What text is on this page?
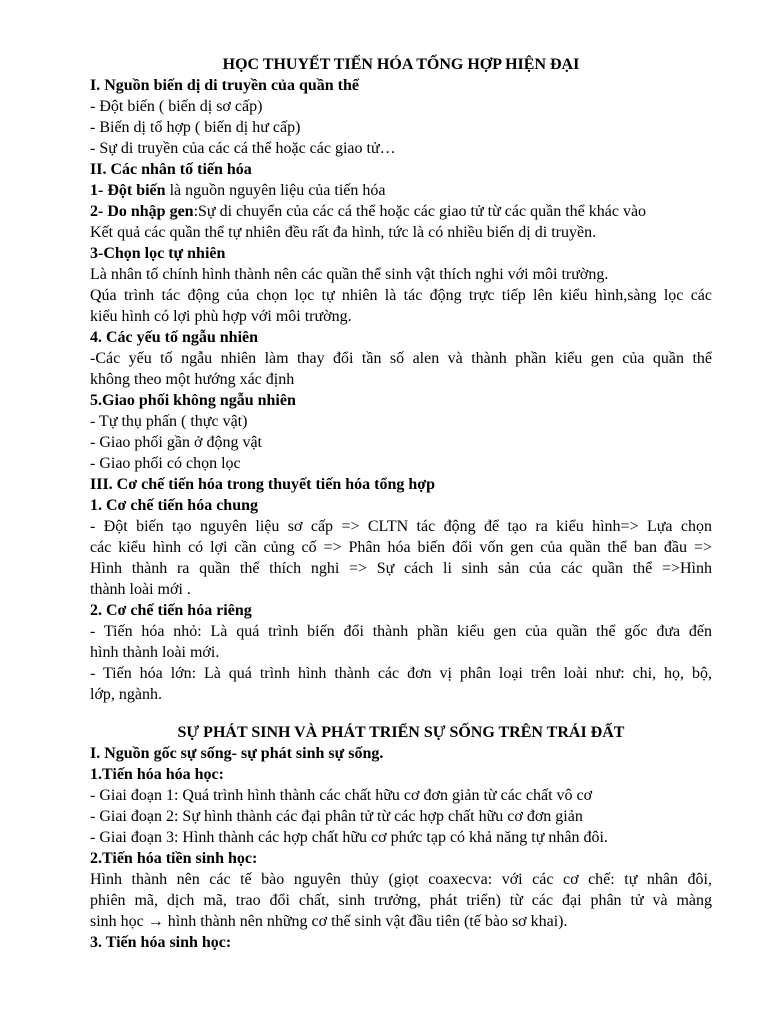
HỌC THUYẾT TIẾN HÓA TỔNG HỢP HIỆN ĐẠI
I. Nguồn biến dị di truyền của quần thể
- Đột biến ( biến dị sơ cấp)
- Biến dị tổ hợp ( biến dị hư cấp)
- Sự di truyền của các cá thể hoặc các giao tử…
II. Các nhân tố tiến hóa
1- Đột biến là nguồn nguyên liệu của tiến hóa
2- Do nhập gen:Sự di chuyển của các cá thể hoặc các giao tử từ các quần thể khác vào
Kết quả các quần thể tự nhiên đều rất đa hình, tức là có nhiều biến dị di truyền.
3-Chọn lọc tự nhiên
Là nhân tố chính hình thành nên các quần thể sinh vật thích nghi với môi trường.
Qúa trình tác động của chọn lọc tự nhiên là tác động trực tiếp lên kiểu hình,sàng lọc các
kiểu hình có lợi phù hợp với môi trường.
4. Các yếu tố ngẫu nhiên
-Các yếu tố ngẫu nhiên làm thay đổi tần số alen và thành phần kiểu gen của quần thể
không theo một hướng xác định
5.Giao phối không ngẫu nhiên
- Tự thụ phấn ( thực vật)
- Giao phối gần ở động vật
- Giao phối có chọn lọc
III. Cơ chế tiến hóa trong thuyết tiến hóa tổng hợp
1. Cơ chế tiến hóa chung
- Đột biến tạo nguyên liệu sơ cấp => CLTN tác động để tạo ra kiểu hình=> Lựa chọn
các kiểu hình có lợi cần củng cố => Phân hóa biến đổi vốn gen của quần thể ban đầu =>
Hình thành ra quần thể thích nghi => Sự cách li sinh sản của các quần thể =>Hình
thành loài mới .
2. Cơ chế tiến hóa riêng
- Tiến hóa nhỏ: Là quá trình biến đổi thành phần kiểu gen của quần thể gốc đưa đến
hình thành loài mới.
- Tiến hóa lớn: Là quá trình hình thành các đơn vị phân loại trên loài như: chi, họ, bộ,
lớp, ngành.
SỰ PHÁT SINH VÀ PHÁT TRIỂN SỰ SỐNG TRÊN TRÁI ĐẤT
I. Nguồn gốc sự sống- sự phát sinh sự sống.
1.Tiến hóa hóa học:
- Giai đoạn 1: Quá trình hình thành các chất hữu cơ đơn giản từ các chất vô cơ
- Giai đoạn 2: Sự hình thành các đại phân tử từ các hợp chất hữu cơ đơn giản
- Giai đoạn 3: Hình thành các hợp chất hữu cơ phức tạp có khả năng tự nhân đôi.
2.Tiến hóa tiền sinh học:
Hình thành nên các tế bào nguyên thủy (giọt coaxecva: với các cơ chế: tự nhân đôi,
phiên mã, dịch mã, trao đổi chất, sinh trưởng, phát triển) từ các đại phân tử và màng
sinh học → hình thành nên những cơ thể sinh vật đầu tiên (tế bào sơ khai).
3. Tiến hóa sinh học:
